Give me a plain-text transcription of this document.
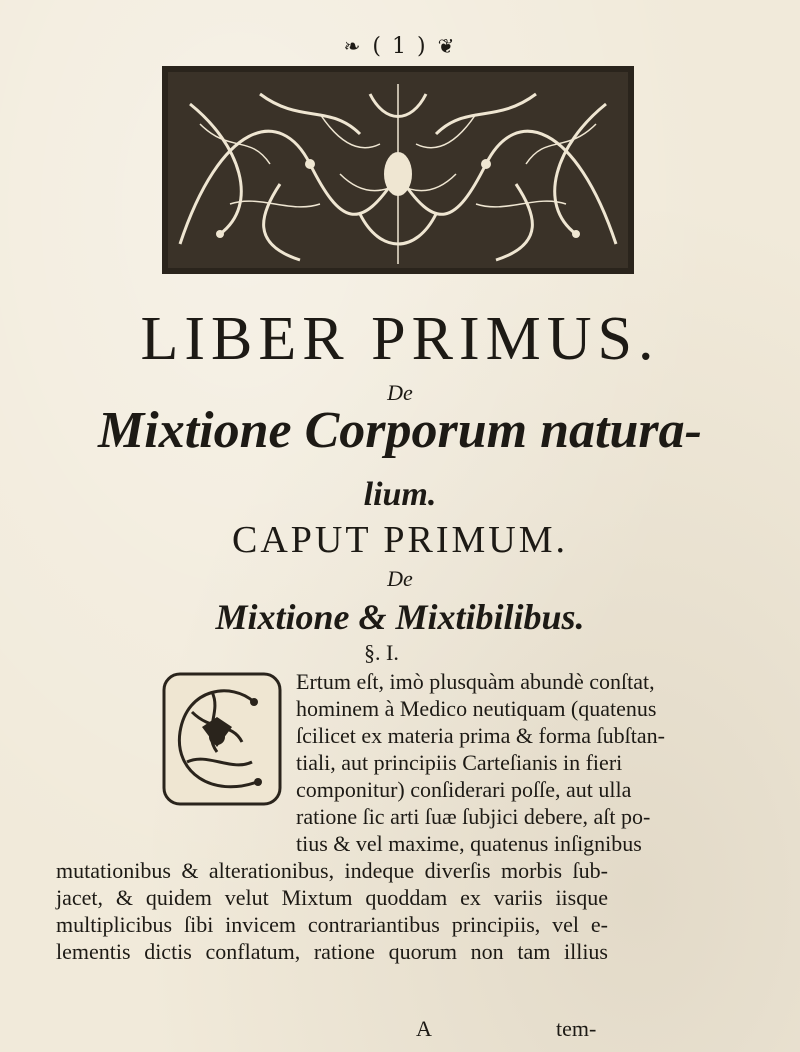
❧ ( 1 ) ❦
LIBER PRIMUS.
De
Mixtione Corporum natura-
lium.
CAPUT PRIMUM.
De
Mixtione & Mixtibilibus.
§. I.
Ertum eſt, imò plusquàm abundè conſtat,
hominem à Medico neutiquam (quatenus
ſcilicet ex materia prima & forma ſubſtan-
tiali, aut principiis Carteſianis in fieri
componitur) conſiderari poſſe, aut ulla
ratione ſic arti ſuæ ſubjici debere, aſt po-
tius & vel maxime, quatenus inſignibus
mutationibus & alterationibus, indeque diverſis morbis ſub-
jacet, & quidem velut Mixtum quoddam ex variis iisque
multiplicibus ſibi invicem contrariantibus principiis, vel e-
lementis dictis conflatum, ratione quorum non tam illius
A	tem-
